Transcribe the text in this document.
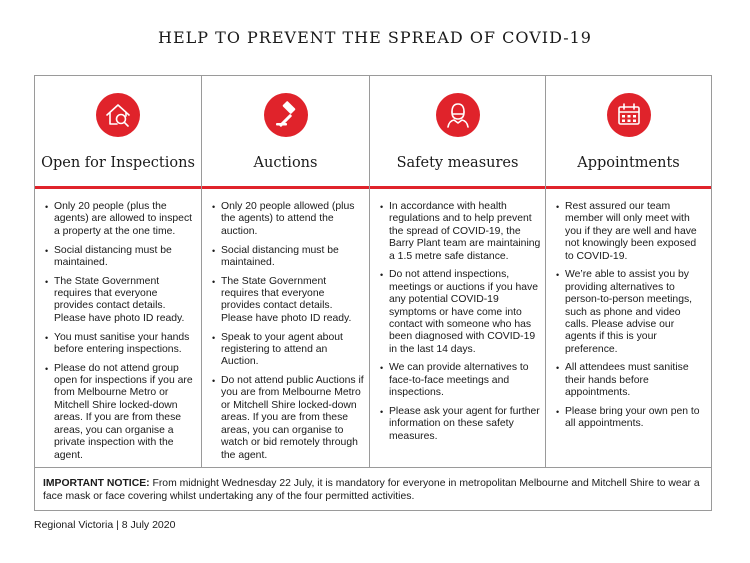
HELP TO PREVENT THE SPREAD OF COVID-19
Open for Inspections
• Only 20 people (plus the agents) are allowed to inspect a property at the one time.
• Social distancing must be maintained.
• The State Government requires that everyone provides contact details. Please have photo ID ready.
• You must sanitise your hands before entering inspections.
• Please do not attend group open for inspections if you are from Melbourne Metro or Mitchell Shire locked-down areas. If you are from these areas, you can organise a private inspection with the agent.
Auctions
• Only 20 people allowed (plus the agents) to attend the auction.
• Social distancing must be maintained.
• The State Government requires that everyone provides contact details. Please have photo ID ready.
• Speak to your agent about registering to attend an Auction.
• Do not attend public Auctions if you are from Melbourne Metro or Mitchell Shire locked-down areas. If you are from these areas, you can organise to watch or bid remotely through the agent.
Safety measures
• In accordance with health regulations and to help prevent the spread of COVID-19, the Barry Plant team are maintaining a 1.5 metre safe distance.
• Do not attend inspections, meetings or auctions if you have any potential COVID-19 symptoms or have come into contact with someone who has been diagnosed with COVID-19 in the last 14 days.
• We can provide alternatives to face-to-face meetings and inspections.
• Please ask your agent for further information on these safety measures.
Appointments
• Rest assured our team member will only meet with you if they are well and have not knowingly been exposed to COVID-19.
• We’re able to assist you by providing alternatives to person-to-person meetings, such as phone and video calls. Please advise our agents if this is your preference.
• All attendees must sanitise their hands before appointments.
• Please bring your own pen to all appointments.
IMPORTANT NOTICE: From midnight Wednesday 22 July, it is mandatory for everyone in metropolitan Melbourne and Mitchell Shire to wear a face mask or face covering whilst undertaking any of the four permitted activities.
Regional Victoria | 8 July 2020
